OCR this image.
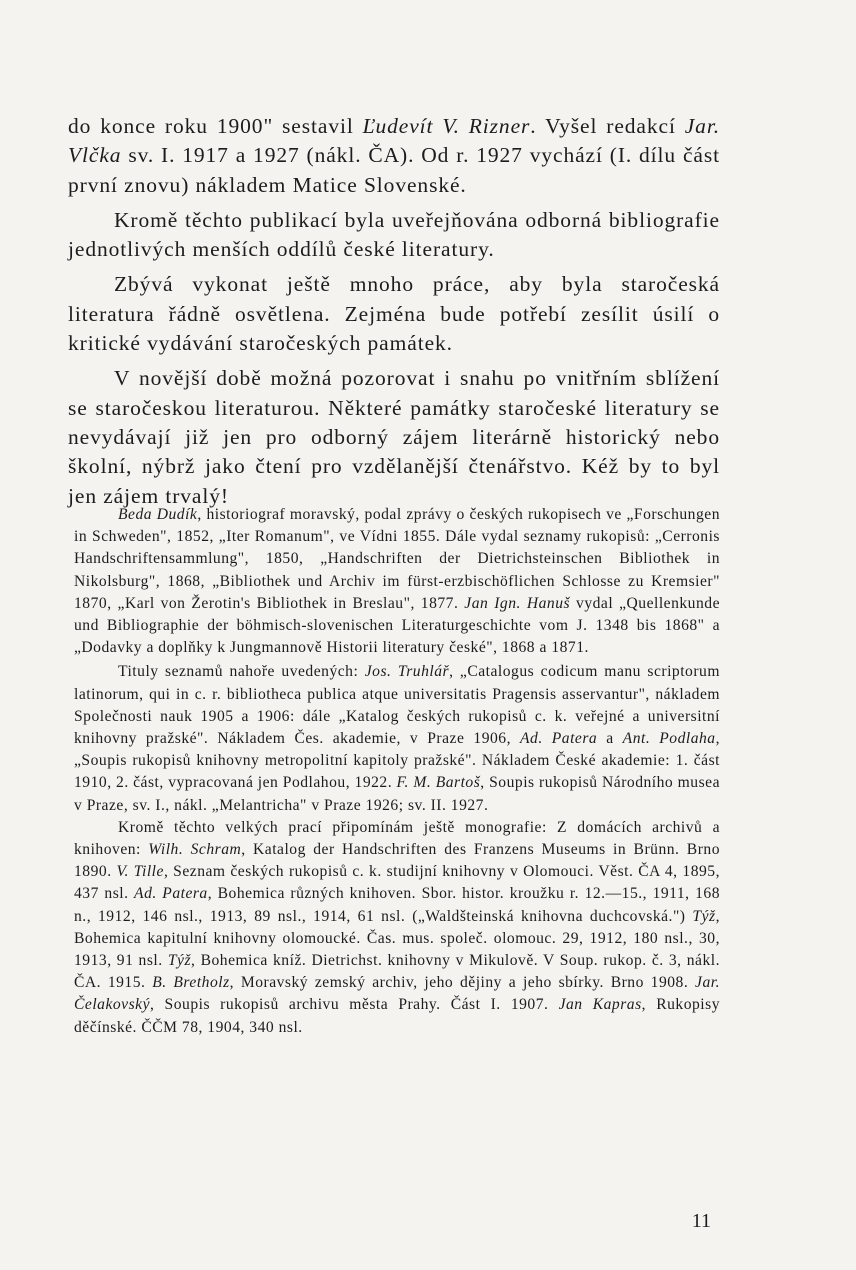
do konce roku 1900" sestavil Ľudevít V. Rizner. Vyšel redakcí Jar. Vlčka sv. I. 1917 a 1927 (nákl. ČA). Od r. 1927 vychází (I. dílu část první znovu) nákladem Matice Slovenské.

Kromě těchto publikací byla uveřejňována odborná bibliografie jednotlivých menších oddílů české literatury.

Zbývá vykonat ještě mnoho práce, aby byla staročeská literatura řádně osvětlena. Zejména bude potřebí zesílit úsilí o kritické vydávání staročeských památek.

V novější době možná pozorovat i snahu po vnitřním sblížení se staročeskou literaturou. Některé památky staročeské literatury se nevydávají již jen pro odborný zájem literárně historický nebo školní, nýbrž jako čtení pro vzdělanější čtenářstvo. Kéž by to byl jen zájem trvalý!

Beda Dudík, historiograf moravský, podal zprávy o českých rukopisech ve „Forschungen in Schweden", 1852, „Iter Romanum", ve Vídni 1855. Dále vydal seznamy rukopisů: „Cerronis Handschriftensammlung", 1850, „Handschriften der Dietrichsteinschen Bibliothek in Nikolsburg", 1868, „Bibliothek und Archiv im fürst-erzbischöflichen Schlosse zu Kremsier" 1870, „Karl von Žerotin's Bibliothek in Breslau", 1877. Jan Ign. Hanuš vydal „Quellenkunde und Bibliographie der böhmisch-slovenischen Literaturgeschichte vom J. 1348 bis 1868" a „Dodavky a doplňky k Jungmannově Historii literatury české", 1868 a 1871.

Tituly seznamů nahoře uvedených: Jos. Truhlář, „Catalogus codicum manu scriptorum latinorum, qui in c. r. bibliotheca publica atque universitatis Pragensis asservantur", nákladem Společnosti nauk 1905 a 1906: dále „Katalog českých rukopisů c. k. veřejné a universitní knihovny pražské". Nákladem Čes. akademie, v Praze 1906, Ad. Patera a Ant. Podlaha, „Soupis rukopisů knihovny metropolitní kapitoly pražské". Nákladem České akademie: 1. část 1910, 2. část, vypracovaná jen Podlahou, 1922. F. M. Bartoš, Soupis rukopisů Národního musea v Praze, sv. I., nákl. „Melantricha" v Praze 1926; sv. II. 1927.

Kromě těchto velkých prací připomínám ještě monografie: Z domácích archivů a knihoven: Wilh. Schram, Katalog der Handschriften des Franzens Museums in Brünn. Brno 1890. V. Tille, Seznam českých rukopisů c. k. studijní knihovny v Olomouci. Věst. ČA 4, 1895, 437 nsl. Ad. Patera, Bohemica různých knihoven. Sbor. histor. kroužku r. 12.—15., 1911, 168 n., 1912, 146 nsl., 1913, 89 nsl., 1914, 61 nsl. („Waldšteinská knihovna duchcovská.") Týž, Bohemica kapitulní knihovny olomoucké. Čas. mus. společ. olomouc. 29, 1912, 180 nsl., 30, 1913, 91 nsl. Týž, Bohemica kníž. Dietrichst. knihovny v Mikulově. V Soup. rukop. č. 3, nákl. ČA. 1915. B. Bretholz, Moravský zemský archiv, jeho dějiny a jeho sbírky. Brno 1908. Jar. Čelakovský, Soupis rukopisů archivu města Prahy. Část I. 1907. Jan Kapras, Rukopisy děčínské. ČČM 78, 1904, 340 nsl.

11
